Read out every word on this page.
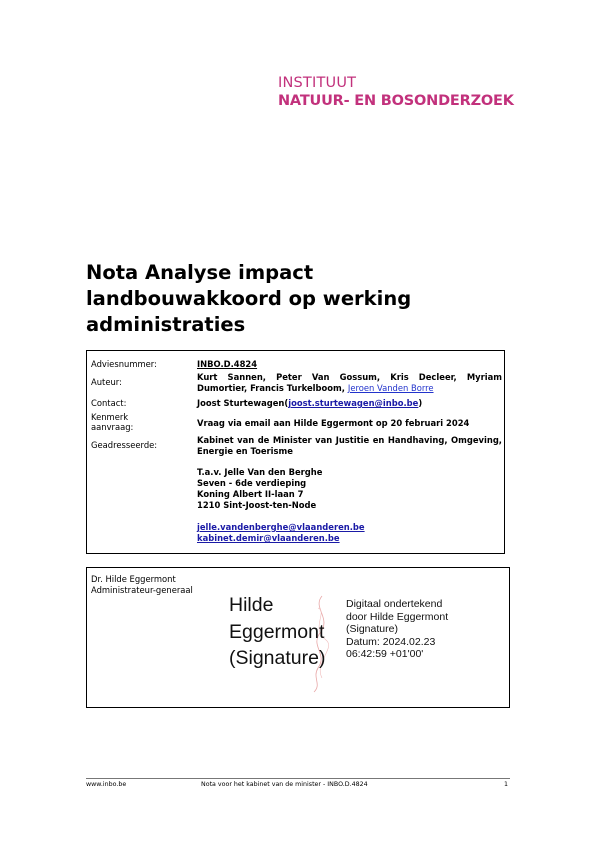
INSTITUUT
NATUUR- EN BOSONDERZOEK
Nota Analyse impact
landbouwakkoord op werking
administraties
Adviesnummer:	INBO.D.4824
Auteur:	Kurt Sannen, Peter Van Gossum, Kris Decleer, Myriam Dumortier, Francis Turkelboom, Jeroen Vanden Borre
Contact:	Joost Sturtewagen(joost.sturtewagen@inbo.be)
Kenmerk
aanvraag:	Vraag via email aan Hilde Eggermont op 20 februari 2024
Geadresseerde:	Kabinet van de Minister van Justitie en Handhaving, Omgeving, Energie en Toerisme
T.a.v. Jelle Van den Berghe
Seven - 6de verdieping
Koning Albert II-laan 7
1210 Sint-Joost-ten-Node
jelle.vandenberghe@vlaanderen.be
kabinet.demir@vlaanderen.be
Dr. Hilde Eggermont
Administrateur-generaal
Hilde
Eggermont
(Signature)
Digitaal ondertekend
door Hilde Eggermont
(Signature)
Datum: 2024.02.23
06:42:59 +01'00'
www.inbo.be	Nota voor het kabinet van de minister - INBO.D.4824	1
